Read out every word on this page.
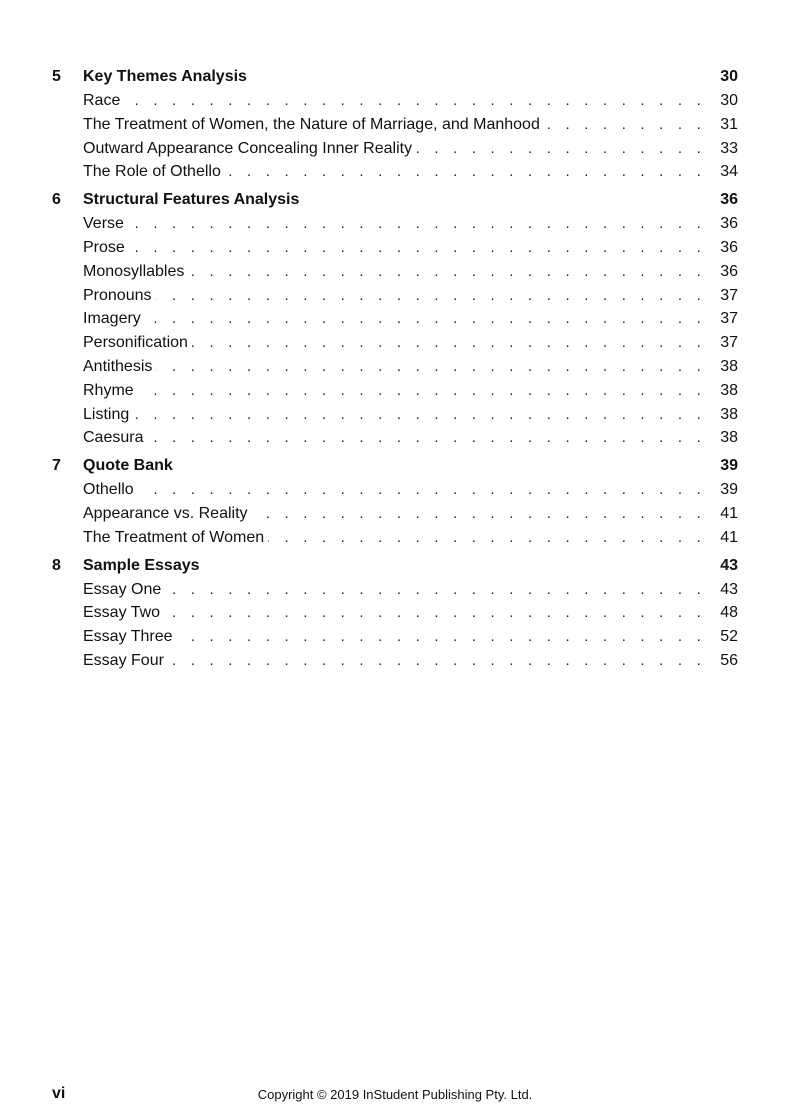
5	Key Themes Analysis	30
Race . . .	30
The Treatment of Women, the Nature of Marriage, and Manhood . . .	31
Outward Appearance Concealing Inner Reality . . .	33
The Role of Othello . . .	34
6	Structural Features Analysis	36
Verse . . .	36
Prose . . .	36
Monosyllables . . .	36
Pronouns . . .	37
Imagery . . .	37
Personification . . .	37
Antithesis . . .	38
Rhyme . . .	38
Listing . . .	38
Caesura . . .	38
7	Quote Bank	39
Othello . . .	39
Appearance vs. Reality . . .	41
The Treatment of Women . . .	41
8	Sample Essays	43
Essay One . . .	43
Essay Two . . .	48
Essay Three . . .	52
Essay Four . . .	56
vi	Copyright © 2019 InStudent Publishing Pty. Ltd.
